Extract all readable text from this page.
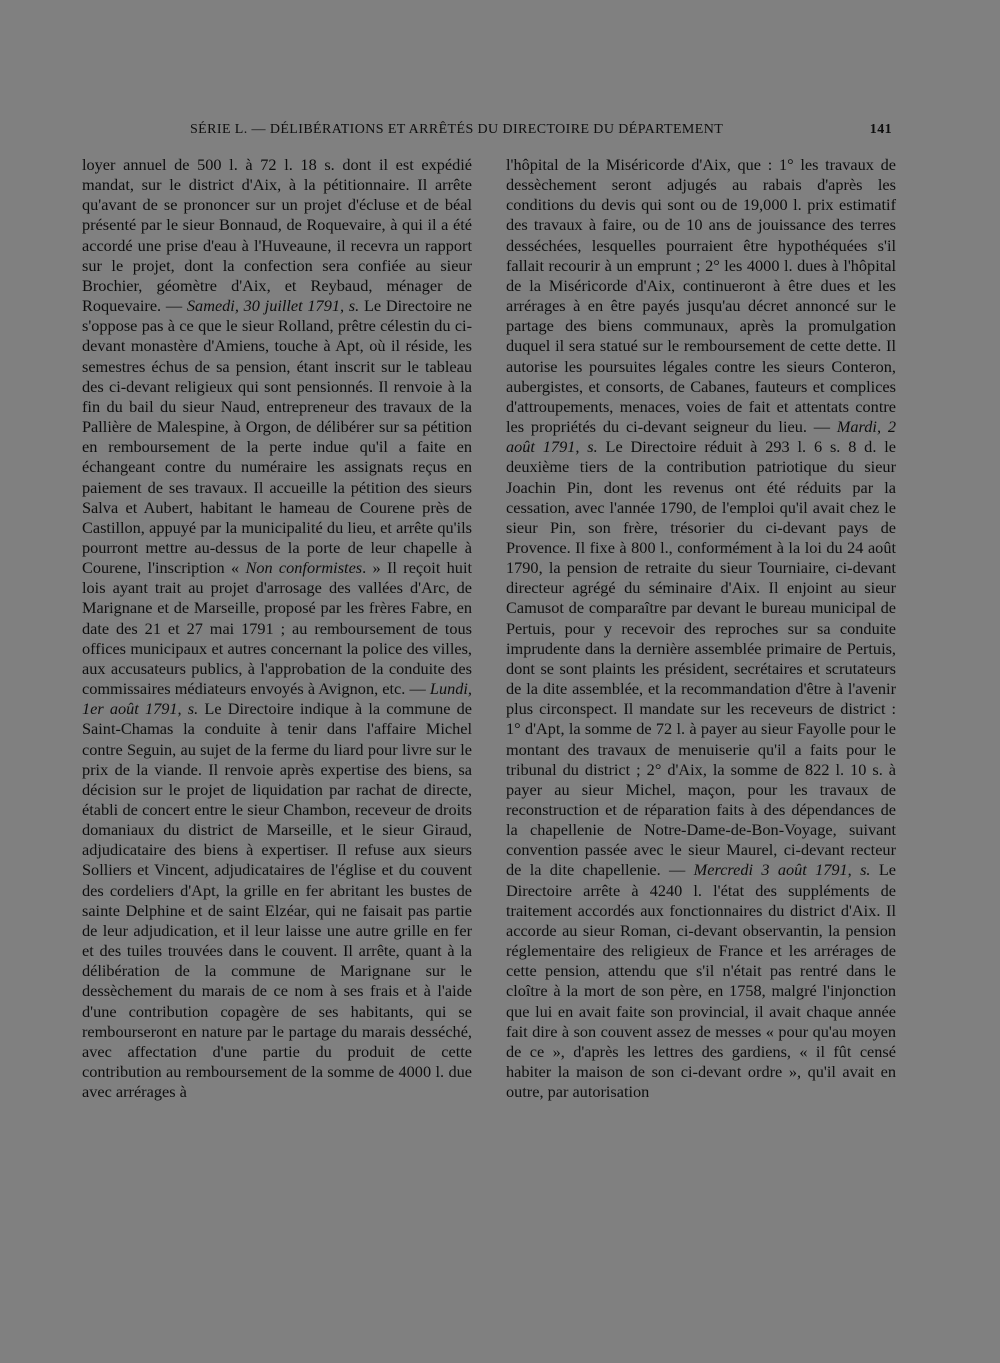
SÉRIE L. — DÉLIBÉRATIONS ET ARRÊTÉS DU DIRECTOIRE DU DÉPARTEMENT	141

loyer annuel de 500 l. à 72 l. 18 s. dont il est expédié mandat, sur le district d'Aix, à la pétitionnaire. Il arrête qu'avant de se prononcer sur un projet d'écluse et de béal présenté par le sieur Bonnaud, de Roquevaire, à qui il a été accordé une prise d'eau à l'Huveaune, il recevra un rapport sur le projet, dont la confection sera confiée au sieur Brochier, géomètre d'Aix, et Reybaud, ménager de Roquevaire. — Samedi, 30 juillet 1791, s. Le Directoire ne s'oppose pas à ce que le sieur Rolland, prêtre célestin du ci-devant monastère d'Amiens, touche à Apt, où il réside, les semestres échus de sa pension, étant inscrit sur le tableau des ci-devant religieux qui sont pensionnés. Il renvoie à la fin du bail du sieur Naud, entrepreneur des travaux de la Pallière de Malespine, à Orgon, de délibérer sur sa pétition en remboursement de la perte indue qu'il a faite en échangeant contre du numéraire les assignats reçus en paiement de ses travaux. Il accueille la pétition des sieurs Salva et Aubert, habitant le hameau de Courene près de Castillon, appuyé par la municipalité du lieu, et arrête qu'ils pourront mettre au-dessus de la porte de leur chapelle à Courene, l'inscription « Non conformistes. » Il reçoit huit lois ayant trait au projet d'arrosage des vallées d'Arc, de Marignane et de Marseille, proposé par les frères Fabre, en date des 21 et 27 mai 1791 ; au remboursement de tous offices municipaux et autres concernant la police des villes, aux accusateurs publics, à l'approbation de la conduite des commissaires médiateurs envoyés à Avignon, etc. — Lundi, 1er août 1791, s. Le Directoire indique à la commune de Saint-Chamas la conduite à tenir dans l'affaire Michel contre Seguin, au sujet de la ferme du liard pour livre sur le prix de la viande. Il renvoie après expertise des biens, sa décision sur le projet de liquidation par rachat de directe, établi de concert entre le sieur Chambon, receveur de droits domaniaux du district de Marseille, et le sieur Giraud, adjudicataire des biens à expertiser. Il refuse aux sieurs Solliers et Vincent, adjudicataires de l'église et du couvent des cordeliers d'Apt, la grille en fer abritant les bustes de sainte Delphine et de saint Elzéar, qui ne faisait pas partie de leur adjudication, et il leur laisse une autre grille en fer et des tuiles trouvées dans le couvent. Il arrête, quant à la délibération de la commune de Marignane sur le dessèchement du marais de ce nom à ses frais et à l'aide d'une contribution copagère de ses habitants, qui se rembourseront en nature par le partage du marais desséché, avec affectation d'une partie du produit de cette contribution au remboursement de la somme de 4000 l. due avec arrérages à

l'hôpital de la Miséricorde d'Aix, que : 1° les travaux de dessèchement seront adjugés au rabais d'après les conditions du devis qui sont ou de 19,000 l. prix estimatif des travaux à faire, ou de 10 ans de jouissance des terres desséchées, lesquelles pourraient être hypothéquées s'il fallait recourir à un emprunt ; 2° les 4000 l. dues à l'hôpital de la Miséricorde d'Aix, continueront à être dues et les arrérages à en être payés jusqu'au décret annoncé sur le partage des biens communaux, après la promulgation duquel il sera statué sur le remboursement de cette dette. Il autorise les poursuites légales contre les sieurs Conteron, aubergistes, et consorts, de Cabanes, fauteurs et complices d'attroupements, menaces, voies de fait et attentats contre les propriétés du ci-devant seigneur du lieu. — Mardi, 2 août 1791, s. Le Directoire réduit à 293 l. 6 s. 8 d. le deuxième tiers de la contribution patriotique du sieur Joachin Pin, dont les revenus ont été réduits par la cessation, avec l'année 1790, de l'emploi qu'il avait chez le sieur Pin, son frère, trésorier du ci-devant pays de Provence. Il fixe à 800 l., conformément à la loi du 24 août 1790, la pension de retraite du sieur Tourniaire, ci-devant directeur agrégé du séminaire d'Aix. Il enjoint au sieur Camusot de comparaître par devant le bureau municipal de Pertuis, pour y recevoir des reproches sur sa conduite imprudente dans la dernière assemblée primaire de Pertuis, dont se sont plaints les président, secrétaires et scrutateurs de la dite assemblée, et la recommandation d'être à l'avenir plus circonspect. Il mandate sur les receveurs de district : 1° d'Apt, la somme de 72 l. à payer au sieur Fayolle pour le montant des travaux de menuiserie qu'il a faits pour le tribunal du district ; 2° d'Aix, la somme de 822 l. 10 s. à payer au sieur Michel, maçon, pour les travaux de reconstruction et de réparation faits à des dépendances de la chapellenie de Notre-Dame-de-Bon-Voyage, suivant convention passée avec le sieur Maurel, ci-devant recteur de la dite chapellenie. — Mercredi 3 août 1791, s. Le Directoire arrête à 4240 l. l'état des suppléments de traitement accordés aux fonctionnaires du district d'Aix. Il accorde au sieur Roman, ci-devant observantin, la pension réglementaire des religieux de France et les arrérages de cette pension, attendu que s'il n'était pas rentré dans le cloître à la mort de son père, en 1758, malgré l'injonction que lui en avait faite son provincial, il avait chaque année fait dire à son couvent assez de messes « pour qu'au moyen de ce », d'après les lettres des gardiens, « il fût censé habiter la maison de son ci-devant ordre », qu'il avait en outre, par autorisation
